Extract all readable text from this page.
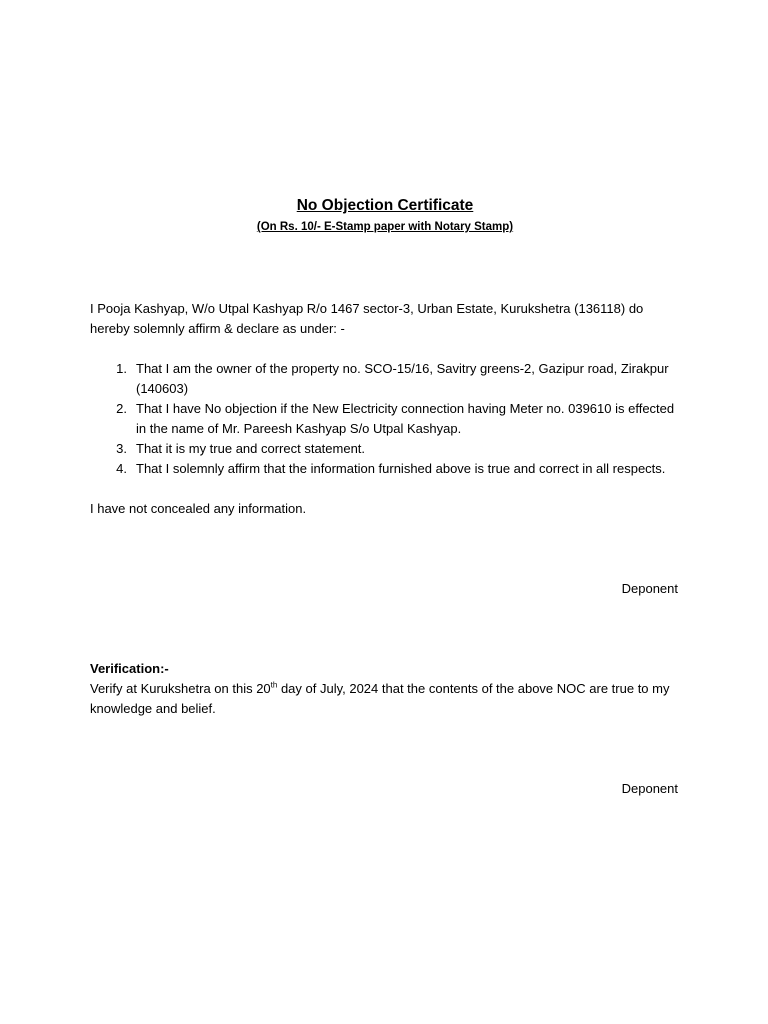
No Objection Certificate

(On Rs. 10/- E-Stamp paper with Notary Stamp)

I Pooja Kashyap, W/o Utpal Kashyap R/o 1467 sector-3, Urban Estate, Kurukshetra (136118) do hereby solemnly affirm & declare as under: -

1. That I am the owner of the property no. SCO-15/16, Savitry greens-2, Gazipur road, Zirakpur (140603)
2. That I have No objection if the New Electricity connection having Meter no. 039610 is effected in the name of Mr. Pareesh Kashyap S/o Utpal Kashyap.
3. That it is my true and correct statement.
4. That I solemnly affirm that the information furnished above is true and correct in all respects.

I have not concealed any information.

Deponent

Verification:-

Verify at Kurukshetra on this 20th day of July, 2024 that the contents of the above NOC are true to my knowledge and belief.

Deponent
